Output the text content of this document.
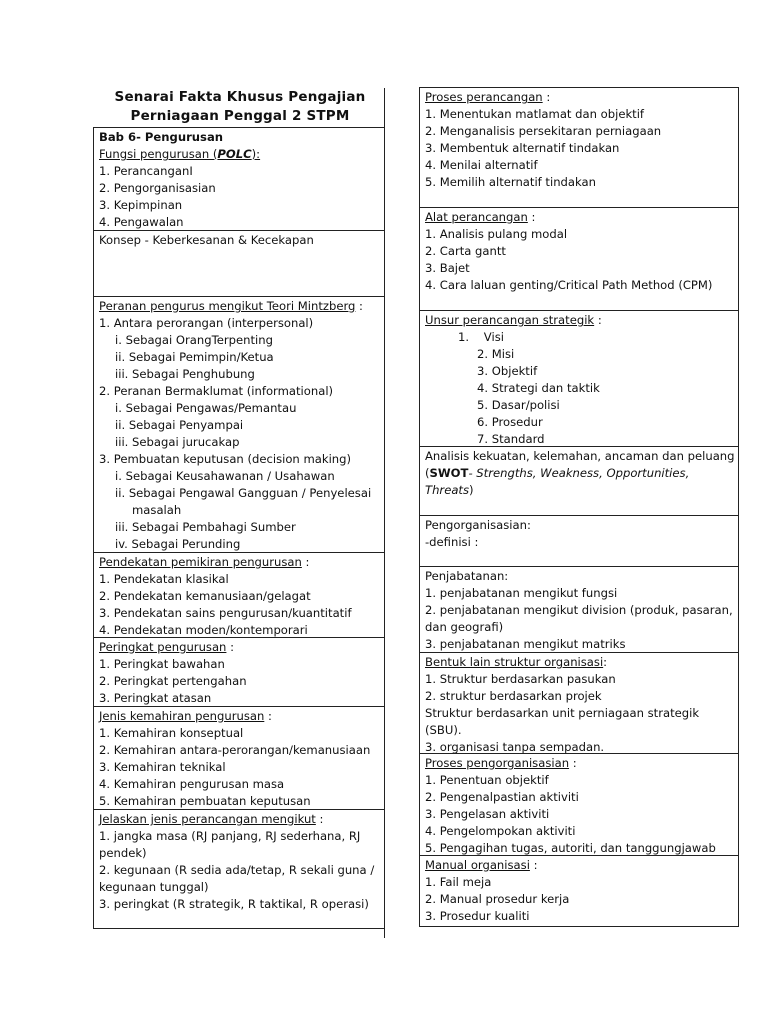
Senarai Fakta Khusus Pengajian
Perniagaan Penggal 2 STPM
Bab 6- Pengurusan
Fungsi pengurusan (POLC):
1. PerancanganI
2. Pengorganisasian
3. Kepimpinan
4. Pengawalan
Konsep - Keberkesanan & Kecekapan
Peranan pengurus mengikut Teori Mintzberg :
1. Antara perorangan (interpersonal)
i. Sebagai OrangTerpenting
ii. Sebagai Pemimpin/Ketua
iii. Sebagai Penghubung
2. Peranan Bermaklumat (informational)
i. Sebagai Pengawas/Pemantau
ii. Sebagai Penyampai
iii. Sebagai jurucakap
3. Pembuatan keputusan (decision making)
i. Sebagai Keusahawanan / Usahawan
ii. Sebagai Pengawal Gangguan / Penyelesai
masalah
iii. Sebagai Pembahagi Sumber
iv. Sebagai Perunding
Pendekatan pemikiran pengurusan :
1. Pendekatan klasikal
2. Pendekatan kemanusiaan/gelagat
3. Pendekatan sains pengurusan/kuantitatif
4. Pendekatan moden/kontemporari
Peringkat pengurusan :
1. Peringkat bawahan
2. Peringkat pertengahan
3. Peringkat atasan
Jenis kemahiran pengurusan :
1. Kemahiran konseptual
2. Kemahiran antara-perorangan/kemanusiaan
3. Kemahiran teknikal
4. Kemahiran pengurusan masa
5. Kemahiran pembuatan keputusan
Jelaskan jenis perancangan mengikut :
1. jangka masa (RJ panjang, RJ sederhana, RJ pendek)
2. kegunaan (R sedia ada/tetap, R sekali guna / kegunaan tunggal)
3. peringkat (R strategik, R taktikal, R operasi)
Proses perancangan :
1. Menentukan matlamat dan objektif
2. Menganalisis persekitaran perniagaan
3. Membentuk alternatif tindakan
4. Menilai alternatif
5. Memilih alternatif tindakan
Alat perancangan :
1. Analisis pulang modal
2. Carta gantt
3. Bajet
4. Cara laluan genting/Critical Path Method (CPM)
Unsur perancangan strategik :
1.    Visi
2. Misi
3. Objektif
4. Strategi dan taktik
5. Dasar/polisi
6. Prosedur
7. Standard
Analisis kekuatan, kelemahan, ancaman dan peluang
(SWOT- Strengths, Weakness, Opportunities, Threats)
Pengorganisasian:
-definisi :
Penjabatanan:
1. penjabatanan mengikut fungsi
2. penjabatanan mengikut division (produk, pasaran, dan geografi)
3. penjabatanan mengikut matriks
Bentuk lain struktur organisasi:
1. Struktur berdasarkan pasukan
2. struktur berdasarkan projek
Struktur berdasarkan unit perniagaan strategik (SBU).
3. organisasi tanpa sempadan.
Proses pengorganisasian :
1. Penentuan objektif
2. Pengenalpastian aktiviti
3. Pengelasan aktiviti
4. Pengelompokan aktiviti
5. Pengagihan tugas, autoriti, dan tanggungjawab
Manual organisasi :
1. Fail meja
2. Manual prosedur kerja
3. Prosedur kualiti
